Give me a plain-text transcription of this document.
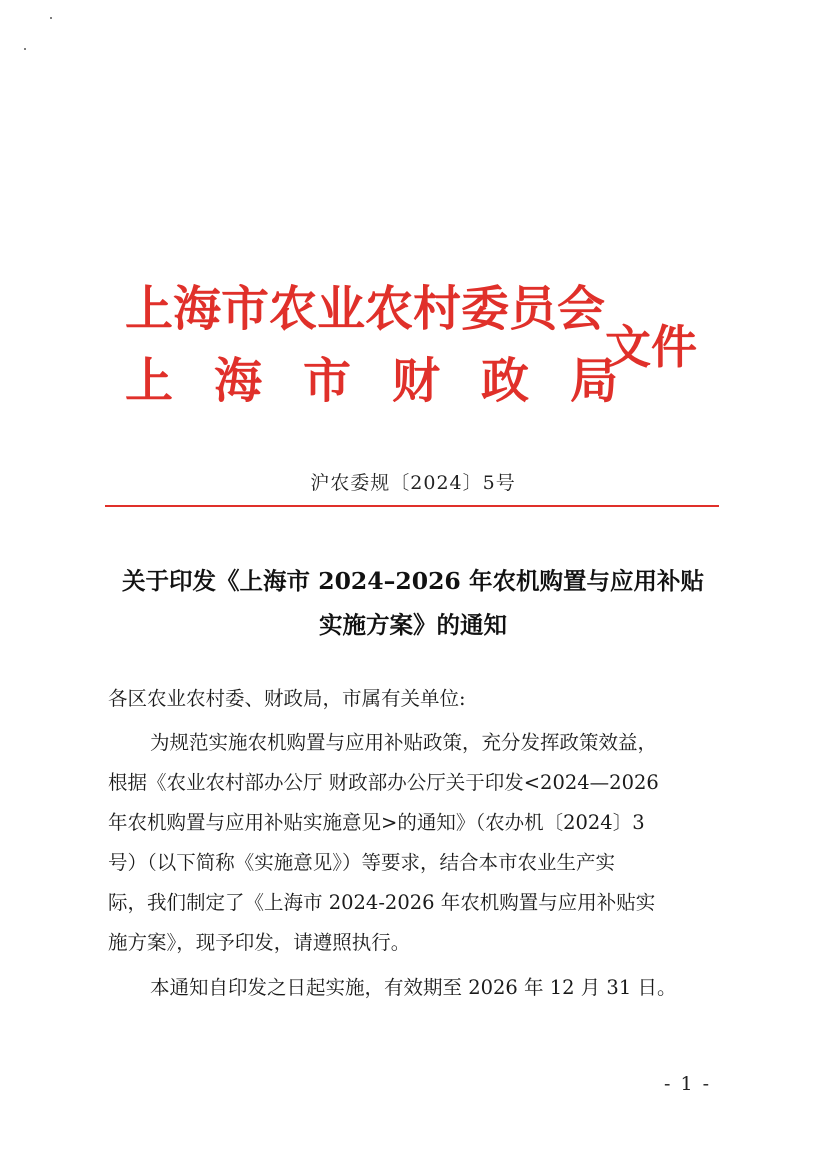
上海市农业农村委员会
上海市财政局
文件
沪农委规〔2024〕5号
关于印发《上海市 2024–2026 年农机购置与应用补贴
实施方案》的通知
各区农业农村委、财政局，市属有关单位:
为规范实施农机购置与应用补贴政策，充分发挥政策效益，
根据《农业农村部办公厅 财政部办公厅关于印发<2024—2026
年农机购置与应用补贴实施意见>的通知》（农办机〔2024〕3
号）（以下简称《实施意见》）等要求，结合本市农业生产实
际，我们制定了《上海市 2024-2026 年农机购置与应用补贴实
施方案》，现予印发，请遵照执行。
本通知自印发之日起实施，有效期至 2026 年 12 月 31 日。
- 1 -
